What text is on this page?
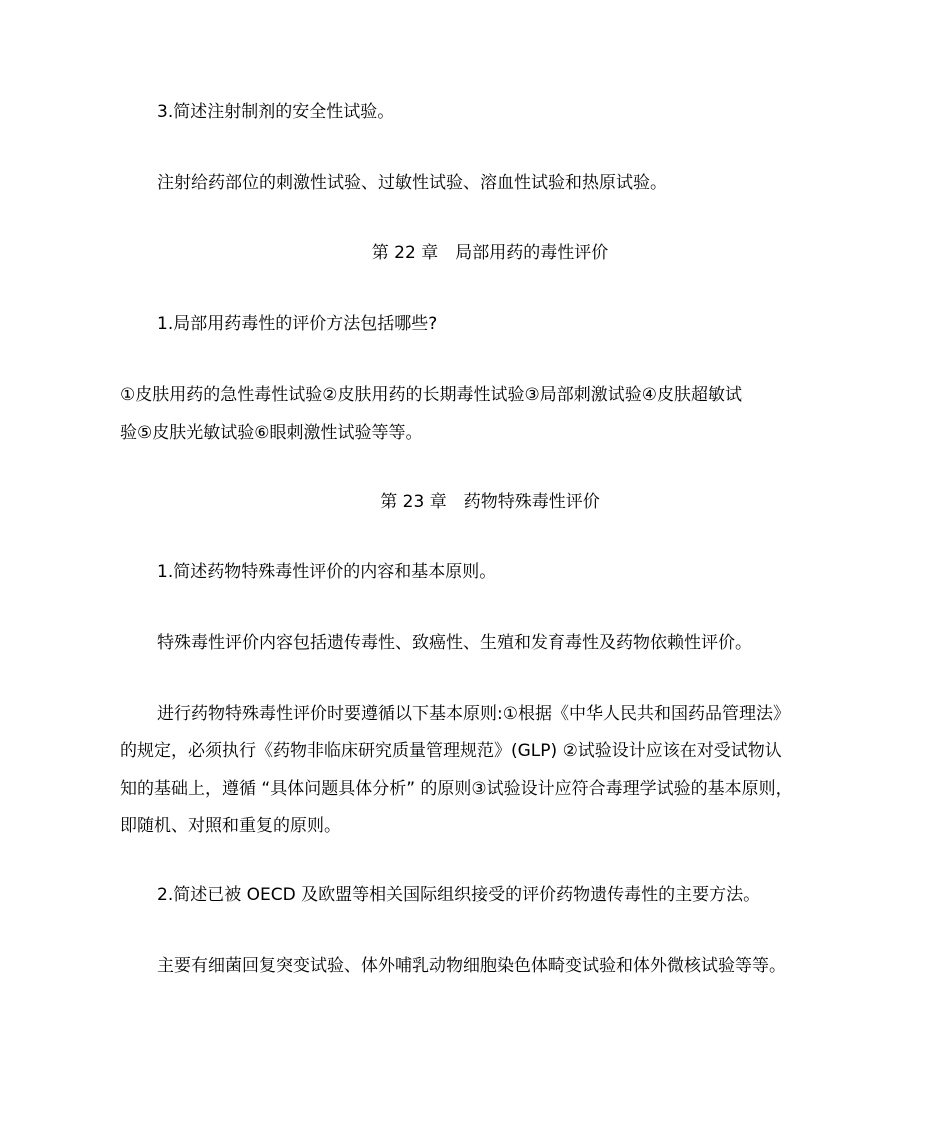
3.简述注射制剂的安全性试验。
注射给药部位的刺激性试验、过敏性试验、溶血性试验和热原试验。
第 22 章　局部用药的毒性评价
1.局部用药毒性的评价方法包括哪些?
①皮肤用药的急性毒性试验②皮肤用药的长期毒性试验③局部刺激试验④皮肤超敏试
验⑤皮肤光敏试验⑥眼刺激性试验等等。
第 23 章　药物特殊毒性评价
1.简述药物特殊毒性评价的内容和基本原则。
特殊毒性评价内容包括遗传毒性、致癌性、生殖和发育毒性及药物依赖性评价。
进行药物特殊毒性评价时要遵循以下基本原则:①根据《中华人民共和国药品管理法》
的规定，必须执行《药物非临床研究质量管理规范》(GLP) ②试验设计应该在对受试物认
知的基础上，遵循 “具体问题具体分析” 的原则③试验设计应符合毒理学试验的基本原则，
即随机、对照和重复的原则。
2.简述已被 OECD 及欧盟等相关国际组织接受的评价药物遗传毒性的主要方法。
主要有细菌回复突变试验、体外哺乳动物细胞染色体畸变试验和体外微核试验等等。
